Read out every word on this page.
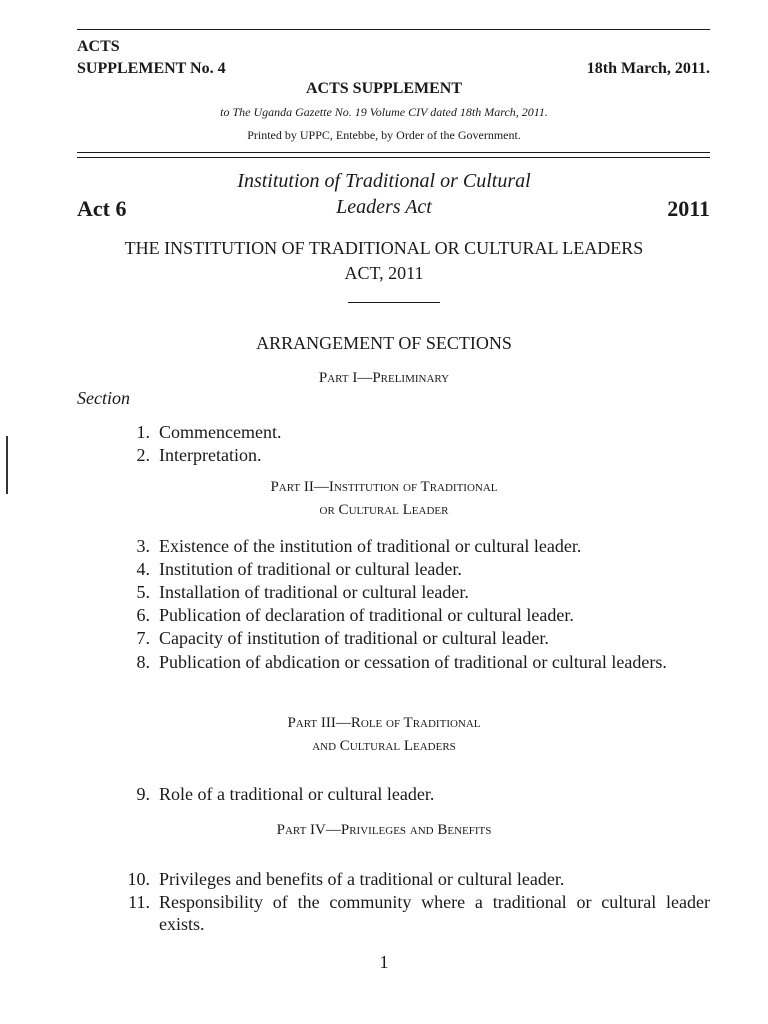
ACTS
SUPPLEMENT No. 4	18th March, 2011.
ACTS SUPPLEMENT
to The Uganda Gazette No. 19 Volume CIV dated 18th March, 2011.
Printed by UPPC, Entebbe, by Order of the Government.
Institution of Traditional or Cultural
Act 6	Leaders Act	2011
THE INSTITUTION OF TRADITIONAL OR CULTURAL LEADERS
ACT, 2011
ARRANGEMENT OF SECTIONS
Part I—Preliminary
Section
1. Commencement.
2. Interpretation.
Part II—Institution of Traditional
or Cultural Leader
3. Existence of the institution of traditional or cultural leader.
4. Institution of traditional or cultural leader.
5. Installation of traditional or cultural leader.
6. Publication of declaration of traditional or cultural leader.
7. Capacity of institution of traditional or cultural leader.
8. Publication of abdication or cessation of traditional or cultural leaders.
Part III—Role of Traditional
and Cultural Leaders
9. Role of a traditional or cultural leader.
Part IV—Privileges and Benefits
10. Privileges and benefits of a traditional or cultural leader.
11. Responsibility of the community where a traditional or cultural leader exists.
1
